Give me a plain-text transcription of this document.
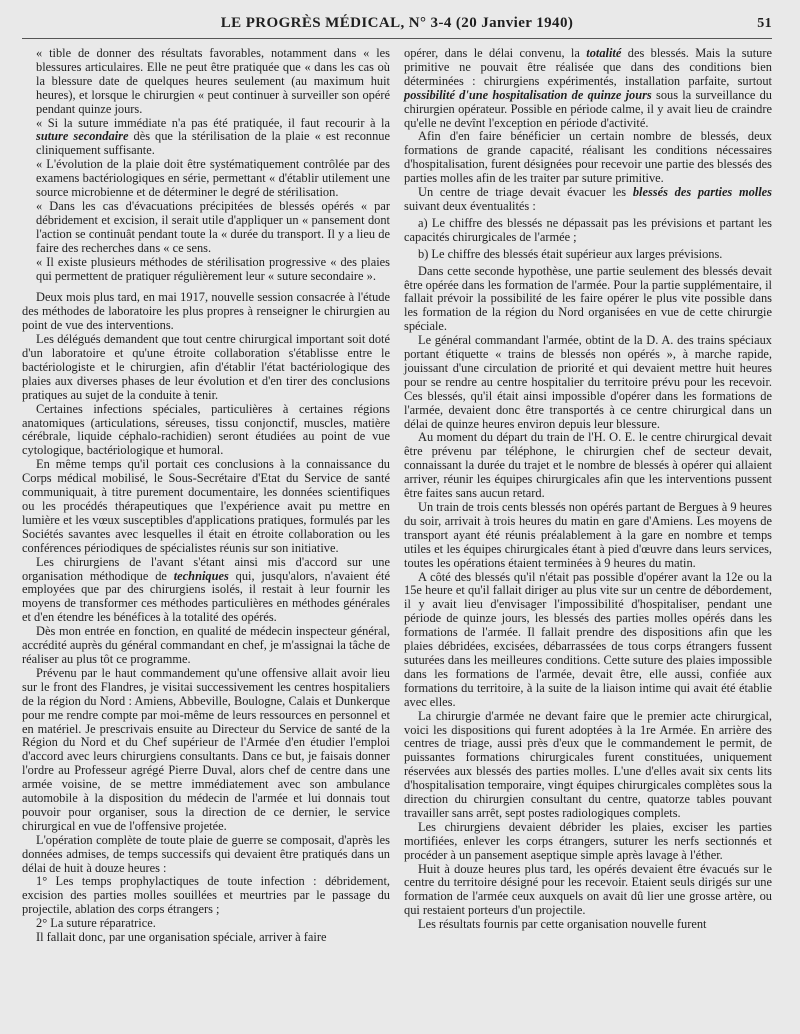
LE PROGRÈS MÉDICAL, N° 3-4 (20 Janvier 1940)	51

« tible de donner des résultats favorables, notamment dans « les blessures articulaires. Elle ne peut être pratiquée que « dans les cas où la blessure date de quelques heures seulement (au maximum huit heures), et lorsque le chirurgien « peut continuer à surveiller son opéré pendant quinze jours.

« Si la suture immédiate n'a pas été pratiquée, il faut recourir à la suture secondaire dès que la stérilisation de la plaie « est reconnue cliniquement suffisante.

« L'évolution de la plaie doit être systématiquement contrôlée par des examens bactériologiques en série, permettant « d'établir utilement une source microbienne et de déterminer le degré de stérilisation.

« Dans les cas d'évacuations précipitées de blessés opérés « par débridement et excision, il serait utile d'appliquer un « pansement dont l'action se continuât pendant toute la « durée du transport. Il y a lieu de faire des recherches dans « ce sens.

« Il existe plusieurs méthodes de stérilisation progressive « des plaies qui permettent de pratiquer régulièrement leur « suture secondaire ».

Deux mois plus tard, en mai 1917, nouvelle session consacrée à l'étude des méthodes de laboratoire les plus propres à renseigner le chirurgien au point de vue des interventions.

Les délégués demandent que tout centre chirurgical important soit doté d'un laboratoire et qu'une étroite collaboration s'établisse entre le bactériologiste et le chirurgien, afin d'établir l'état bactériologique des plaies aux diverses phases de leur évolution et d'en tirer des conclusions pratiques au sujet de la conduite à tenir.

Certaines infections spéciales, particulières à certaines régions anatomiques (articulations, séreuses, tissu conjonctif, muscles, matière cérébrale, liquide céphalo-rachidien) seront étudiées au point de vue cytologique, bactériologique et humoral.

En même temps qu'il portait ces conclusions à la connaissance du Corps médical mobilisé, le Sous-Secrétaire d'Etat du Service de santé communiquait, à titre purement documentaire, les données scientifiques ou les procédés thérapeutiques que l'expérience avait pu mettre en lumière et les vœux susceptibles d'applications pratiques, formulés par les Sociétés savantes avec lesquelles il était en étroite collaboration ou les conférences périodiques de spécialistes réunis sur son initiative.

Les chirurgiens de l'avant s'étant ainsi mis d'accord sur une organisation méthodique de techniques qui, jusqu'alors, n'avaient été employées que par des chirurgiens isolés, il restait à leur fournir les moyens de transformer ces méthodes particulières en méthodes générales et d'en étendre les bénéfices à la totalité des opérés.

Dès mon entrée en fonction, en qualité de médecin inspecteur général, accrédité auprès du général commandant en chef, je m'assignai la tâche de réaliser au plus tôt ce programme.

Prévenu par le haut commandement qu'une offensive allait avoir lieu sur le front des Flandres, je visitai successivement les centres hospitaliers de la région du Nord : Amiens, Abbeville, Boulogne, Calais et Dunkerque pour me rendre compte par moi-même de leurs ressources en personnel et en matériel. Je prescrivais ensuite au Directeur du Service de santé de la Région du Nord et du Chef supérieur de l'Armée d'en étudier l'emploi d'accord avec leurs chirurgiens consultants. Dans ce but, je faisais donner l'ordre au Professeur agrégé Pierre Duval, alors chef de centre dans une armée voisine, de se mettre immédiatement avec son ambulance automobile à la disposition du médecin de l'armée et lui donnais tout pouvoir pour organiser, sous la direction de ce dernier, le service chirurgical en vue de l'offensive projetée.

L'opération complète de toute plaie de guerre se composait, d'après les données admises, de temps successifs qui devaient être pratiqués dans un délai de huit à douze heures :

1° Les temps prophylactiques de toute infection : débridement, excision des parties molles souillées et meurtries par le passage du projectile, ablation des corps étrangers ;

2° La suture réparatrice.

Il fallait donc, par une organisation spéciale, arriver à faire

opérer, dans le délai convenu, la totalité des blessés. Mais la suture primitive ne pouvait être réalisée que dans des conditions bien déterminées : chirurgiens expérimentés, installation parfaite, surtout possibilité d'une hospitalisation de quinze jours sous la surveillance du chirurgien opérateur. Possible en période calme, il y avait lieu de craindre qu'elle ne devînt l'exception en période d'activité.

Afin d'en faire bénéficier un certain nombre de blessés, deux formations de grande capacité, réalisant les conditions nécessaires d'hospitalisation, furent désignées pour recevoir une partie des blessés des parties molles afin de les traiter par suture primitive.

Un centre de triage devait évacuer les blessés des parties molles suivant deux éventualités :

a) Le chiffre des blessés ne dépassait pas les prévisions et partant les capacités chirurgicales de l'armée ;

b) Le chiffre des blessés était supérieur aux larges prévisions.

Dans cette seconde hypothèse, une partie seulement des blessés devait être opérée dans les formation de l'armée. Pour la partie supplémentaire, il fallait prévoir la possibilité de les faire opérer le plus vite possible dans les formation de la région du Nord organisées en vue de cette chirurgie spéciale.

Le général commandant l'armée, obtint de la D. A. des trains spéciaux portant étiquette « trains de blessés non opérés », à marche rapide, jouissant d'une circulation de priorité et qui devaient mettre huit heures pour se rendre au centre hospitalier du territoire prévu pour les recevoir. Ces blessés, qu'il était ainsi impossible d'opérer dans les formations de l'armée, devaient donc être transportés à ce centre chirurgical dans un délai de quinze heures environ depuis leur blessure.

Au moment du départ du train de l'H. O. E. le centre chirurgical devait être prévenu par téléphone, le chirurgien chef de secteur devait, connaissant la durée du trajet et le nombre de blessés à opérer qui allaient arriver, réunir les équipes chirurgicales afin que les interventions pussent être faites sans aucun retard.

Un train de trois cents blessés non opérés partant de Bergues à 9 heures du soir, arrivait à trois heures du matin en gare d'Amiens. Les moyens de transport ayant été réunis préalablement à la gare en nombre et temps utiles et les équipes chirurgicales étant à pied d'œuvre dans leurs services, toutes les opérations étaient terminées à 9 heures du matin.

A côté des blessés qu'il n'était pas possible d'opérer avant la 12e ou la 15e heure et qu'il fallait diriger au plus vite sur un centre de débordement, il y avait lieu d'envisager l'impossibilité d'hospitaliser, pendant une période de quinze jours, les blessés des parties molles opérés dans les formations de l'armée. Il fallait prendre des dispositions afin que les plaies débridées, excisées, débarrassées de tous corps étrangers fussent suturées dans les meilleures conditions. Cette suture des plaies impossible dans les formations de l'armée, devait être, elle aussi, confiée aux formations du territoire, à la suite de la liaison intime qui avait été établie avec elles.

La chirurgie d'armée ne devant faire que le premier acte chirurgical, voici les dispositions qui furent adoptées à la 1re Armée. En arrière des centres de triage, aussi près d'eux que le commandement le permit, de puissantes formations chirurgicales furent constituées, uniquement réservées aux blessés des parties molles. L'une d'elles avait six cents lits d'hospitalisation temporaire, vingt équipes chirurgicales complètes sous la direction du chirurgien consultant du centre, quatorze tables pouvant travailler sans arrêt, sept postes radiologiques complets.

Les chirurgiens devaient débrider les plaies, exciser les parties mortifiées, enlever les corps étrangers, suturer les nerfs sectionnés et procéder à un pansement aseptique simple après lavage à l'éther.

Huit à douze heures plus tard, les opérés devaient être évacués sur le centre du territoire désigné pour les recevoir. Etaient seuls dirigés sur une formation de l'armée ceux auxquels on avait dû lier une grosse artère, ou qui restaient porteurs d'un projectile.

Les résultats fournis par cette organisation nouvelle furent
